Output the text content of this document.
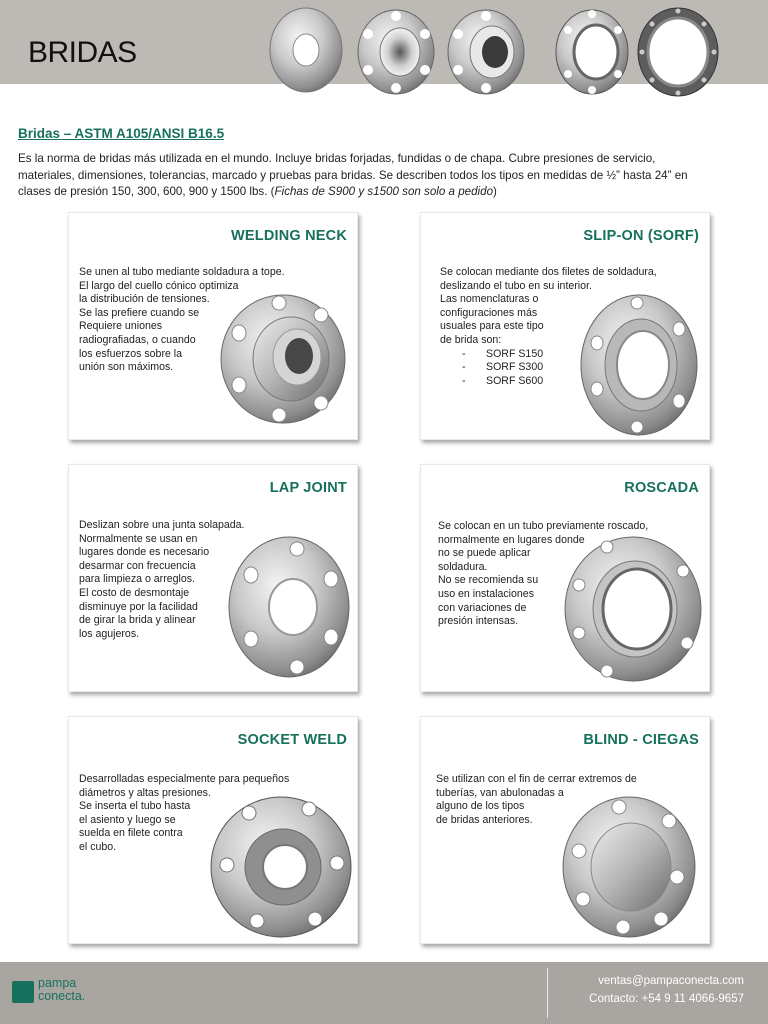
BRIDAS
Bridas – ASTM A105/ANSI B16.5
Es la norma de bridas más utilizada en el mundo. Incluye bridas forjadas, fundidas o de chapa. Cubre presiones de servicio,
materiales, dimensiones, tolerancias, marcado y pruebas para bridas. Se describen todos los tipos en medidas de ½” hasta 24” en
clases de presión 150, 300, 600, 900 y 1500 lbs. (Fichas de S900 y s1500 son solo a pedido)
WELDING NECK

Se unen al tubo mediante soldadura a tope.

El largo del cuello cónico optimiza

la distribución de tensiones.

Se las prefiere cuando se

Requiere uniones

radiografiadas, o cuando

los esfuerzos sobre la

unión son máximos.

SLIP-ON (SORF)

Se colocan mediante dos filetes de soldadura,

deslizando el tubo en su interior.

Las nomenclaturas o

configuraciones más

usuales para este tipo

de brida son:

- SORF S150
- SORF S300
- SORF S600
LAP JOINT

Deslizan sobre una junta solapada.

Normalmente se usan en

lugares donde es necesario

desarmar con frecuencia

para limpieza o arreglos.

El costo de desmontaje

disminuye por la facilidad

de girar la brida y alinear

los agujeros.

ROSCADA

Se colocan en un tubo previamente roscado,

normalmente en lugares donde

no se puede aplicar

soldadura.

No se recomienda su

uso en instalaciones

con variaciones de

presión intensas.

SOCKET WELD

Desarrolladas especialmente para pequeños

diámetros y altas presiones.

Se inserta el tubo hasta

el asiento y luego se

suelda en filete contra

el cubo.

BLIND - CIEGAS

Se utilizan con el fin de cerrar extremos de

tuberías, van abulonadas a

alguno de los tipos

de bridas anteriores.

pampa
conecta.
ventas@pampaconecta.com
Contacto: +54 9 11 4066-9657
